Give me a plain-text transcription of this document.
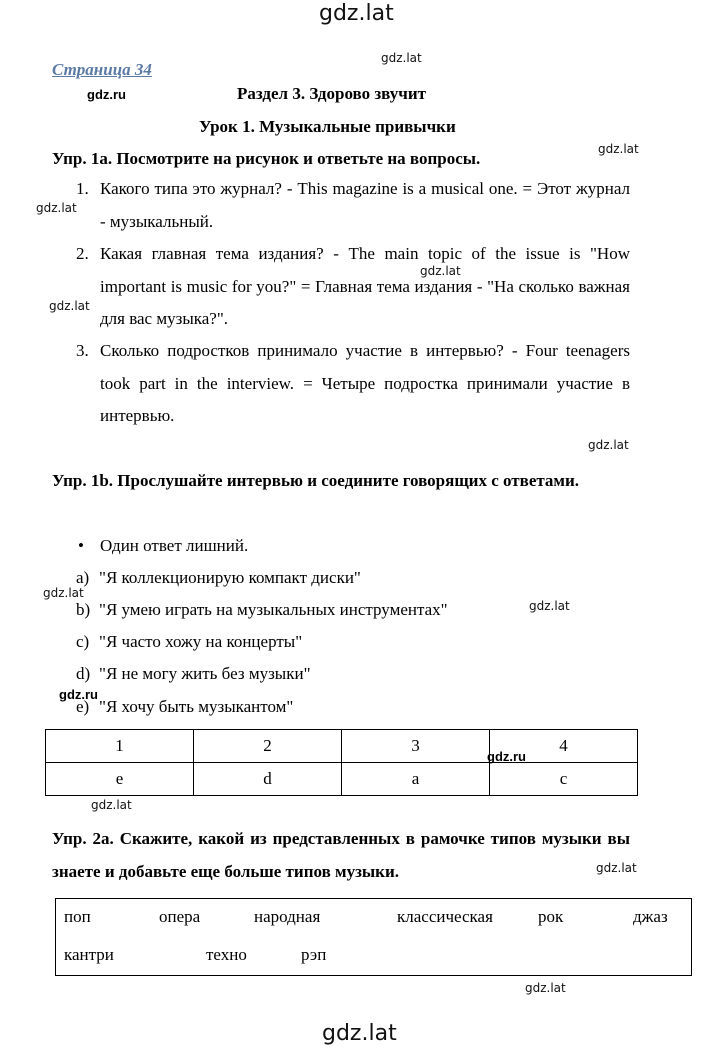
gdz.lat
gdz.lat
gdz.lat
gdz.ru
gdz.lat
gdz.lat
gdz.lat
gdz.lat
gdz.lat
gdz.lat
gdz.lat
gdz.ru
gdz.ru
gdz.lat
gdz.lat
gdz.lat
Страница 34
Раздел 3. Здорово звучит
Урок 1. Музыкальные привычки
Упр. 1a. Посмотрите на рисунок и ответьте на вопросы.
1. Какого типа это журнал? - This magazine is a musical one. = Этот журнал - музыкальный.
2. Какая главная тема издания? - The main topic of the issue is "How important is music for you?" = Главная тема издания - "На сколько важная для вас музыка?".
3. Сколько подростков принимало участие в интервью? - Four teenagers took part in the interview. = Четыре подростка принимали участие в интервью.
Упр. 1b. Прослушайте интервью и соедините говорящих с ответами.
• Один ответ лишний.
a) "Я коллекционирую компакт диски"
b) "Я умею играть на музыкальных инструментах"
c) "Я часто хожу на концерты"
d) "Я не могу жить без музыки"
e) "Я хочу быть музыкантом"
1	2	3	4
e	d	a	c
Упр. 2a. Скажите, какой из представленных в рамочке типов музыки вы знаете и добавьте еще больше типов музыки.
поп	опера	народная	классическая	рок	джаз
кантри	техно	рэп
